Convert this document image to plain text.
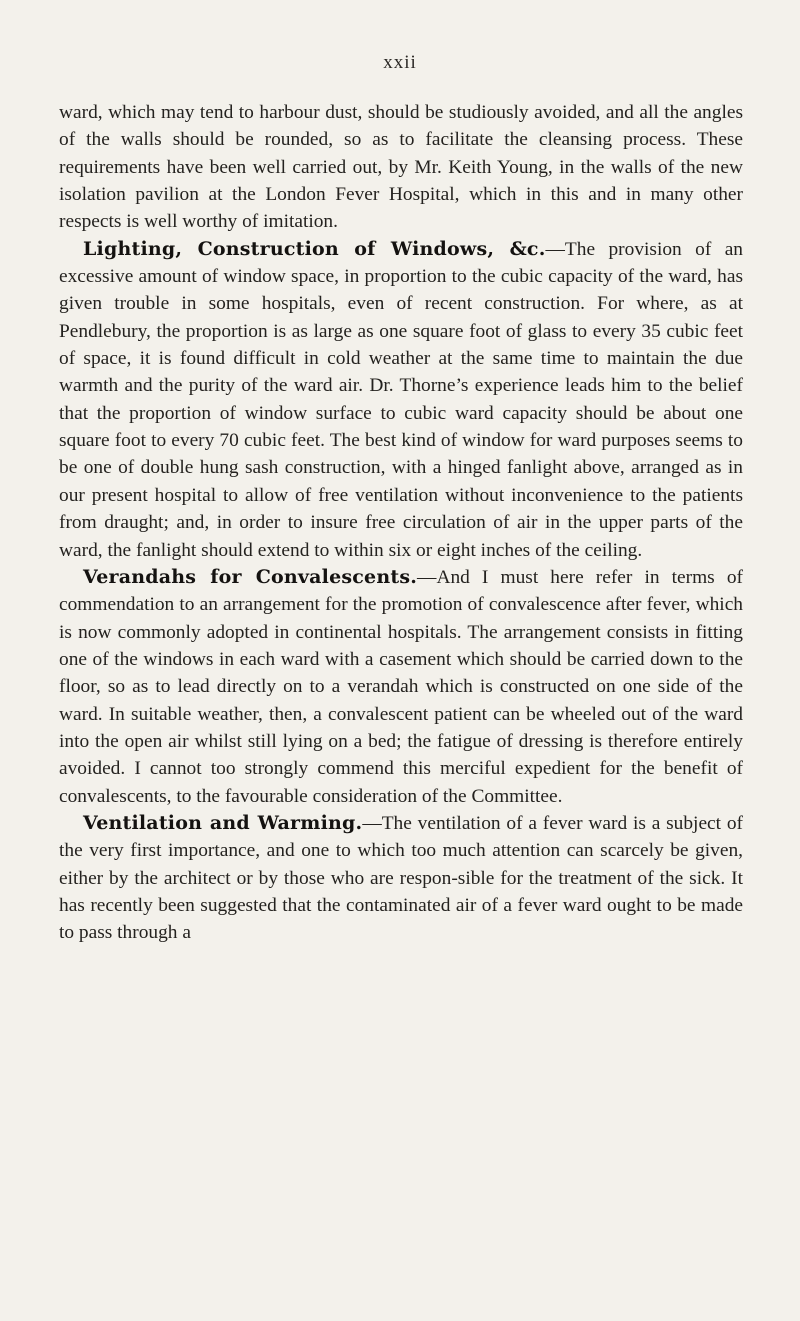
xxii

ward, which may tend to harbour dust, should be studiously avoided, and all the angles of the walls should be rounded, so as to facilitate the cleansing process. These requirements have been well carried out, by Mr. Keith Young, in the walls of the new isolation pavilion at the London Fever Hospital, which in this and in many other respects is well worthy of imitation.

Lighting, Construction of Windows, &c.—The provision of an excessive amount of window space, in proportion to the cubic capacity of the ward, has given trouble in some hospitals, even of recent construction. For where, as at Pendlebury, the proportion is as large as one square foot of glass to every 35 cubic feet of space, it is found difficult in cold weather at the same time to maintain the due warmth and the purity of the ward air. Dr. Thorne’s experience leads him to the belief that the proportion of window surface to cubic ward capacity should be about one square foot to every 70 cubic feet. The best kind of window for ward purposes seems to be one of double hung sash construction, with a hinged fanlight above, arranged as in our present hospital to allow of free ventilation without inconvenience to the patients from draught; and, in order to insure free circulation of air in the upper parts of the ward, the fanlight should extend to within six or eight inches of the ceiling.

Verandahs for Convalescents.—And I must here refer in terms of commendation to an arrangement for the promotion of convalescence after fever, which is now commonly adopted in continental hospitals. The arrangement consists in fitting one of the windows in each ward with a casement which should be carried down to the floor, so as to lead directly on to a verandah which is constructed on one side of the ward. In suitable weather, then, a convalescent patient can be wheeled out of the ward into the open air whilst still lying on a bed; the fatigue of dressing is therefore entirely avoided. I cannot too strongly commend this merciful expedient for the benefit of convalescents, to the favourable consideration of the Committee.

Ventilation and Warming.—The ventilation of a fever ward is a subject of the very first importance, and one to which too much attention can scarcely be given, either by the architect or by those who are respon-sible for the treatment of the sick. It has recently been suggested that the contaminated air of a fever ward ought to be made to pass through a
